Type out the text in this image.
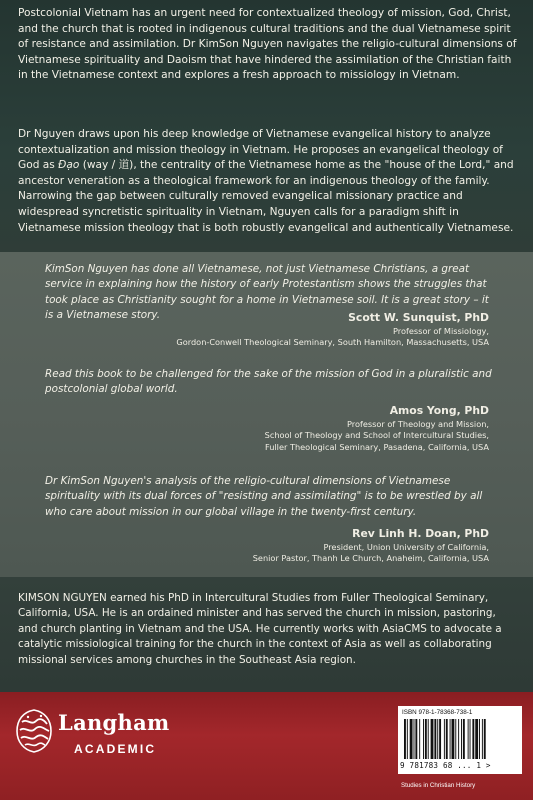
Postcolonial Vietnam has an urgent need for contextualized theology of mission, God, Christ, and the church that is rooted in indigenous cultural traditions and the dual Vietnamese spirit of resistance and assimilation. Dr KimSon Nguyen navigates the religio-cultural dimensions of Vietnamese spirituality and Daoism that have hindered the assimilation of the Christian faith in the Vietnamese context and explores a fresh approach to missiology in Vietnam.
Dr Nguyen draws upon his deep knowledge of Vietnamese evangelical history to analyze contextualization and mission theology in Vietnam. He proposes an evangelical theology of God as Đạo (way / 道), the centrality of the Vietnamese home as the "house of the Lord," and ancestor veneration as a theological framework for an indigenous theology of the family. Narrowing the gap between culturally removed evangelical missionary practice and widespread syncretistic spirituality in Vietnam, Nguyen calls for a paradigm shift in Vietnamese mission theology that is both robustly evangelical and authentically Vietnamese.
KimSon Nguyen has done all Vietnamese, not just Vietnamese Christians, a great service in explaining how the history of early Protestantism shows the struggles that took place as Christianity sought for a home in Vietnamese soil. It is a great story – it is a Vietnamese story.	Scott W. Sunquist, PhD
Professor of Missiology,
Gordon-Conwell Theological Seminary, South Hamilton, Massachusetts, USA
Read this book to be challenged for the sake of the mission of God in a pluralistic and postcolonial global world.
Amos Yong, PhD
Professor of Theology and Mission,
School of Theology and School of Intercultural Studies,
Fuller Theological Seminary, Pasadena, California, USA
Dr KimSon Nguyen's analysis of the religio-cultural dimensions of Vietnamese spirituality with its dual forces of "resisting and assimilating" is to be wrestled by all who care about mission in our global village in the twenty-first century.
Rev Linh H. Doan, PhD
President, Union University of California,
Senior Pastor, Thanh Le Church, Anaheim, California, USA
KIMSON NGUYEN earned his PhD in Intercultural Studies from Fuller Theological Seminary, California, USA. He is an ordained minister and has served the church in mission, pastoring, and church planting in Vietnam and the USA. He currently works with AsiaCMS to advocate a catalytic missiological training for the church in the context of Asia as well as collaborating missional services among churches in the Southeast Asia region.
Langham
ACADEMIC
ISBN 978-1-78368-738-1
9 781783 68 ... 1 >
Studies in Christian History
